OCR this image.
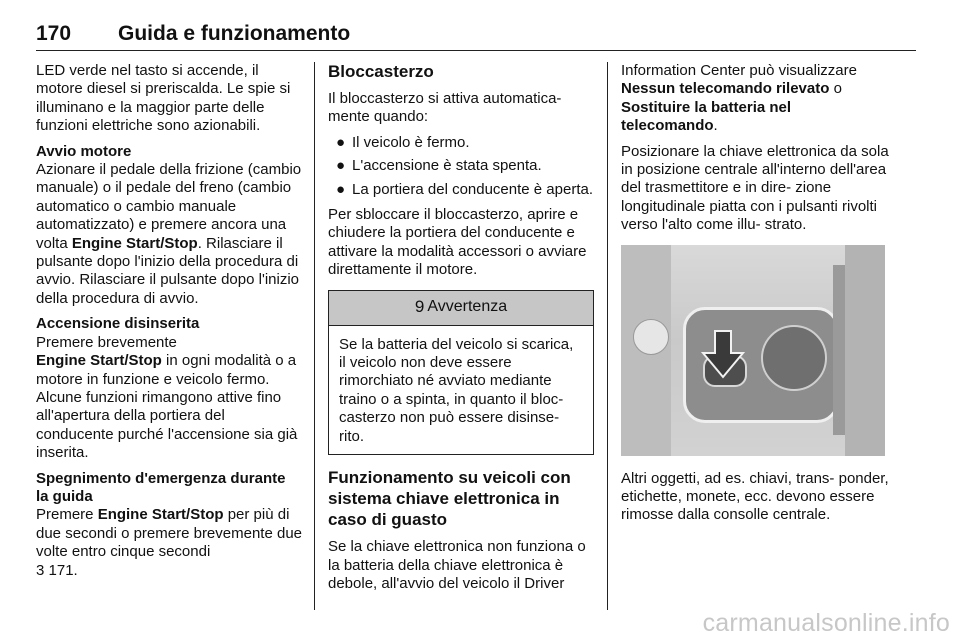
170 Guida e funzionamento

LED verde nel tasto si accende, il motore diesel si preriscalda. Le spie si illuminano e la maggior parte delle funzioni elettriche sono azionabili.

Avvio motore
Azionare il pedale della frizione (cambio manuale) o il pedale del freno (cambio automatico o cambio manuale automatizzato) e premere ancora una volta Engine Start/Stop. Rilasciare il pulsante dopo l'inizio della procedura di avvio. Rilasciare il pulsante dopo l'inizio della procedura di avvio.

Accensione disinserita
Premere brevemente
Engine Start/Stop in ogni modalità o a motore in funzione e veicolo fermo. Alcune funzioni rimangono attive fino all'apertura della portiera del conducente purché l'accensione sia già inserita.

Spegnimento d'emergenza durante la guida
Premere Engine Start/Stop per più di due secondi o premere brevemente due volte entro cinque secondi
3 171.

Bloccasterzo

Il bloccasterzo si attiva automatica‐ mente quando:

● Il veicolo è fermo.
● L'accensione è stata spenta.
● La portiera del conducente è aperta.

Per sbloccare il bloccasterzo, aprire e chiudere la portiera del conducente e attivare la modalità accessori o avviare direttamente il motore.

9 Avvertenza
Se la batteria del veicolo si scarica, il veicolo non deve essere rimorchiato né avviato mediante traino o a spinta, in quanto il bloc‐ casterzo non può essere disinse‐ rito.
Funzionamento su veicoli con sistema chiave elettronica in caso di guasto

Se la chiave elettronica non funziona o la batteria della chiave elettronica è debole, all'avvio del veicolo il Driver

Information Center può visualizzare
Nessun telecomando rilevato o
Sostituire la batteria nel telecomando.

Posizionare la chiave elettronica da sola in posizione centrale all'interno dell'area del trasmettitore e in dire‐ zione longitudinale piatta con i pulsanti rivolti verso l'alto come illu‐ strato.

Altri oggetti, ad es. chiavi, trans‐ ponder, etichette, monete, ecc. devono essere rimosse dalla consolle centrale.

carmanualsonline.info
